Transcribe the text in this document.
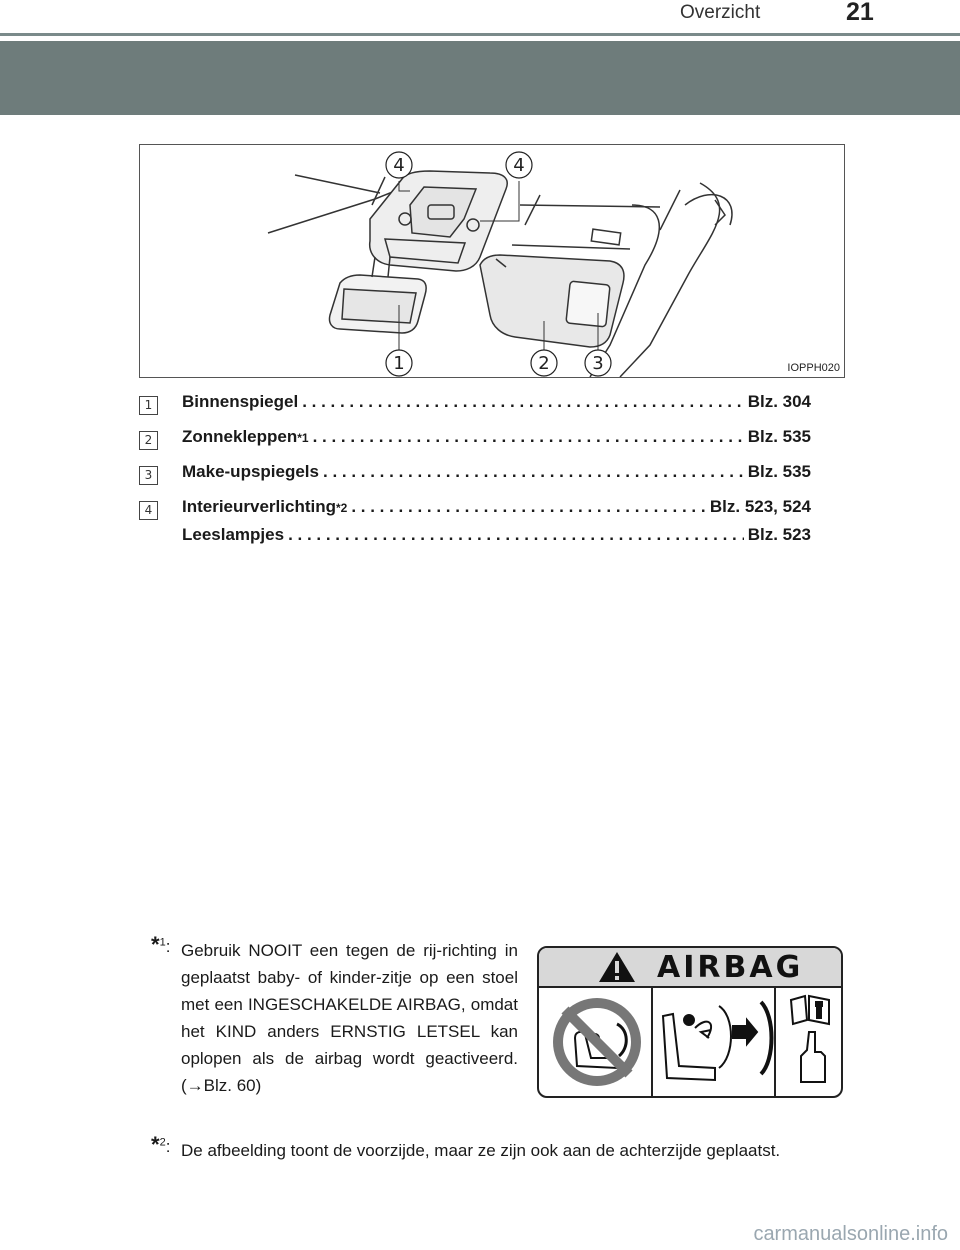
Overzicht	21
1	2 3
4	4
IOPPH020
1	Binnenspiegel . . .	Blz. 304
2	Zonnekleppen *1 . . .	Blz. 535
3	Make-upspiegels . . .	Blz. 535
4	Interieurverlichting *2 . . .	Blz. 523, 524
Leeslampjes . . .	Blz. 523
*$^1$: Gebruik NOOIT een tegen de rij-richting in geplaatst baby- of kinder-zitje op een stoel met een INGESCHAKELDE AIRBAG, omdat het KIND anders ERNSTIG LETSEL kan oplopen als de airbag wordt geactiveerd. (→Blz. 60)
AIRBAG
*$^2$: De afbeelding toont de voorzijde, maar ze zijn ook aan de achterzijde geplaatst.
carmanualsonline.info
